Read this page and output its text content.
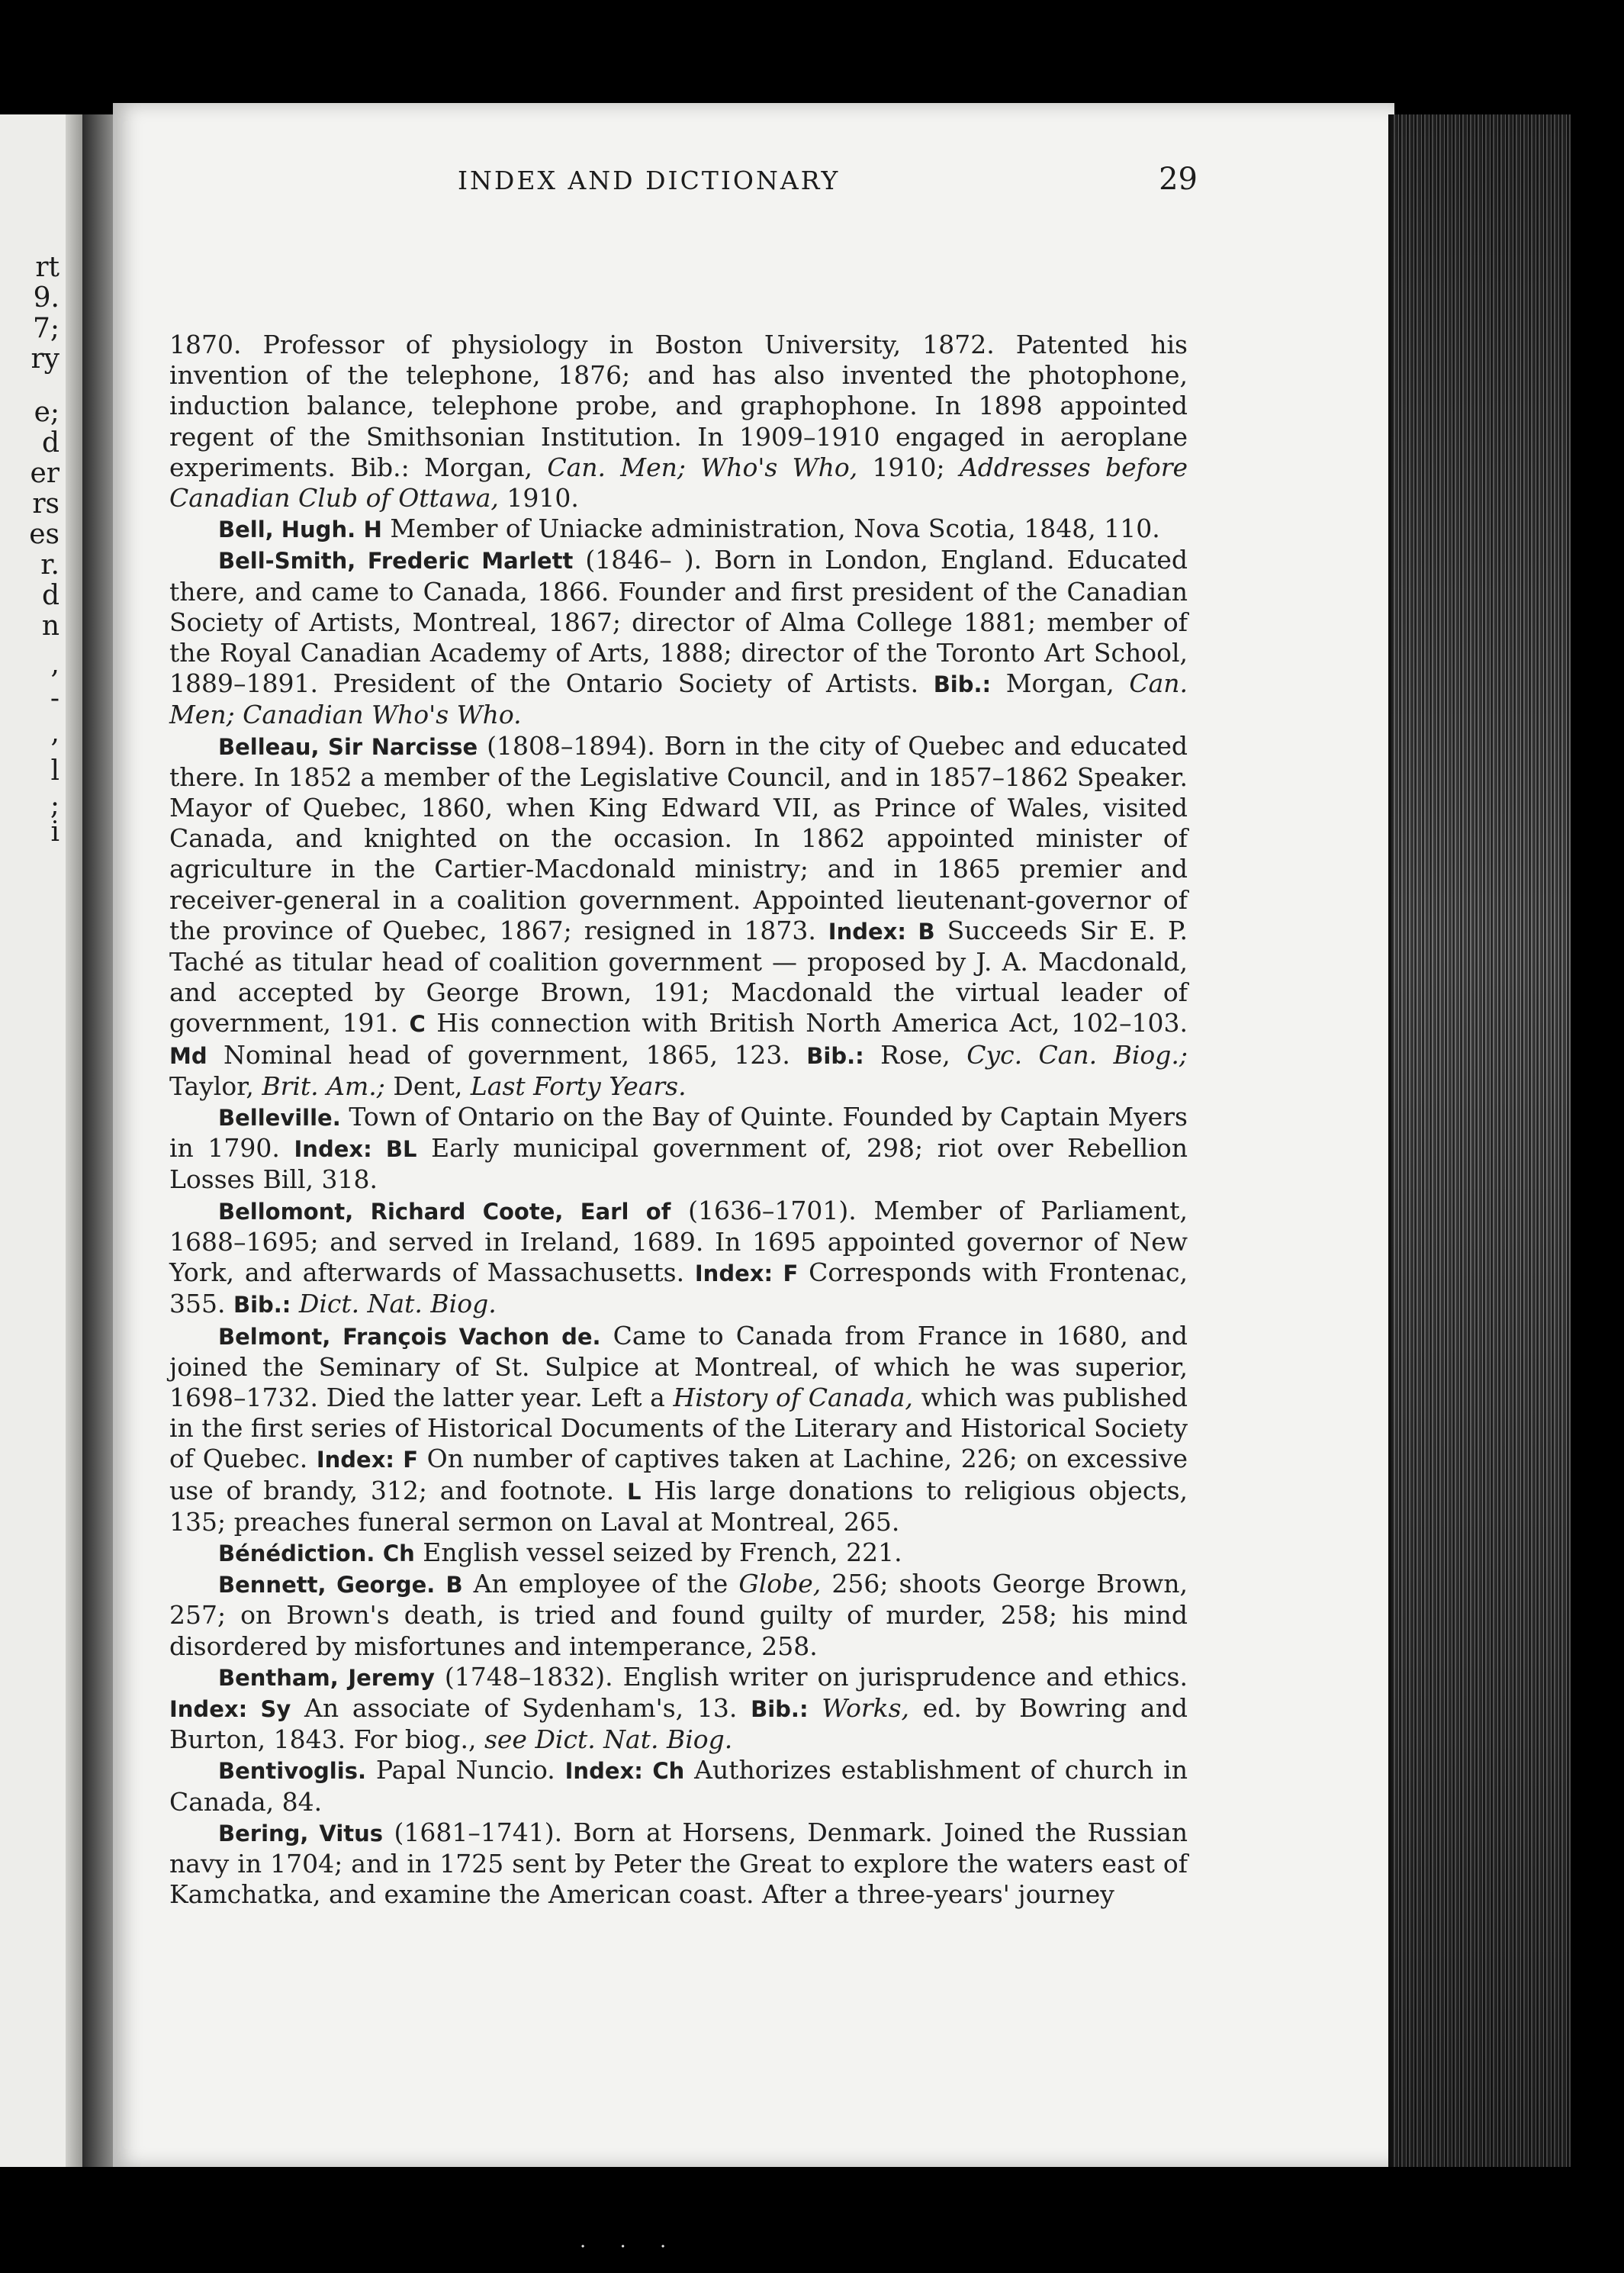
rt
9.
7;
ry
e;
d
er
rs
es
r.
d
n
,
-
,
l
;
i
INDEX AND DICTIONARY	29

1870. Professor of physiology in Boston University, 1872. Patented his invention of the telephone, 1876; and has also invented the photophone, induction balance, telephone probe, and graphophone. In 1898 appointed regent of the Smithsonian Institution. In 1909–1910 engaged in aeroplane experiments. Bib.: Morgan, Can. Men; Who's Who, 1910; Addresses before Canadian Club of Ottawa, 1910.

Bell, Hugh. H Member of Uniacke administration, Nova Scotia, 1848, 110.

Bell-Smith, Frederic Marlett (1846– ). Born in London, England. Educated there, and came to Canada, 1866. Founder and first president of the Canadian Society of Artists, Montreal, 1867; director of Alma College 1881; member of the Royal Canadian Academy of Arts, 1888; director of the Toronto Art School, 1889–1891. President of the Ontario Society of Artists. Bib.: Morgan, Can. Men; Canadian Who's Who.

Belleau, Sir Narcisse (1808–1894). Born in the city of Quebec and educated there. In 1852 a member of the Legislative Council, and in 1857–1862 Speaker. Mayor of Quebec, 1860, when King Edward VII, as Prince of Wales, visited Canada, and knighted on the occasion. In 1862 appointed minister of agriculture in the Cartier-Macdonald ministry; and in 1865 premier and receiver-general in a coalition government. Appointed lieutenant-governor of the province of Quebec, 1867; resigned in 1873. Index: B Succeeds Sir E. P. Taché as titular head of coalition government — proposed by J. A. Macdonald, and accepted by George Brown, 191; Macdonald the virtual leader of government, 191. C His connection with British North America Act, 102–103. Md Nominal head of government, 1865, 123. Bib.: Rose, Cyc. Can. Biog.; Taylor, Brit. Am.; Dent, Last Forty Years.

Belleville. Town of Ontario on the Bay of Quinte. Founded by Captain Myers in 1790. Index: BL Early municipal government of, 298; riot over Rebellion Losses Bill, 318.

Bellomont, Richard Coote, Earl of (1636–1701). Member of Parliament, 1688–1695; and served in Ireland, 1689. In 1695 appointed governor of New York, and afterwards of Massachusetts. Index: F Corresponds with Frontenac, 355. Bib.: Dict. Nat. Biog.

Belmont, François Vachon de. Came to Canada from France in 1680, and joined the Seminary of St. Sulpice at Montreal, of which he was superior, 1698–1732. Died the latter year. Left a History of Canada, which was published in the first series of Historical Documents of the Literary and Historical Society of Quebec. Index: F On number of captives taken at Lachine, 226; on excessive use of brandy, 312; and footnote. L His large donations to religious objects, 135; preaches funeral sermon on Laval at Montreal, 265.

Bénédiction. Ch English vessel seized by French, 221.

Bennett, George. B An employee of the Globe, 256; shoots George Brown, 257; on Brown's death, is tried and found guilty of murder, 258; his mind disordered by misfortunes and intemperance, 258.

Bentham, Jeremy (1748–1832). English writer on jurisprudence and ethics. Index: Sy An associate of Sydenham's, 13. Bib.: Works, ed. by Bowring and Burton, 1843. For biog., see Dict. Nat. Biog.

Bentivoglis. Papal Nuncio. Index: Ch Authorizes establishment of church in Canada, 84.

Bering, Vitus (1681–1741). Born at Horsens, Denmark. Joined the Russian navy in 1704; and in 1725 sent by Peter the Great to explore the waters east of Kamchatka, and examine the American coast. After a three-years' journey

· · ·
